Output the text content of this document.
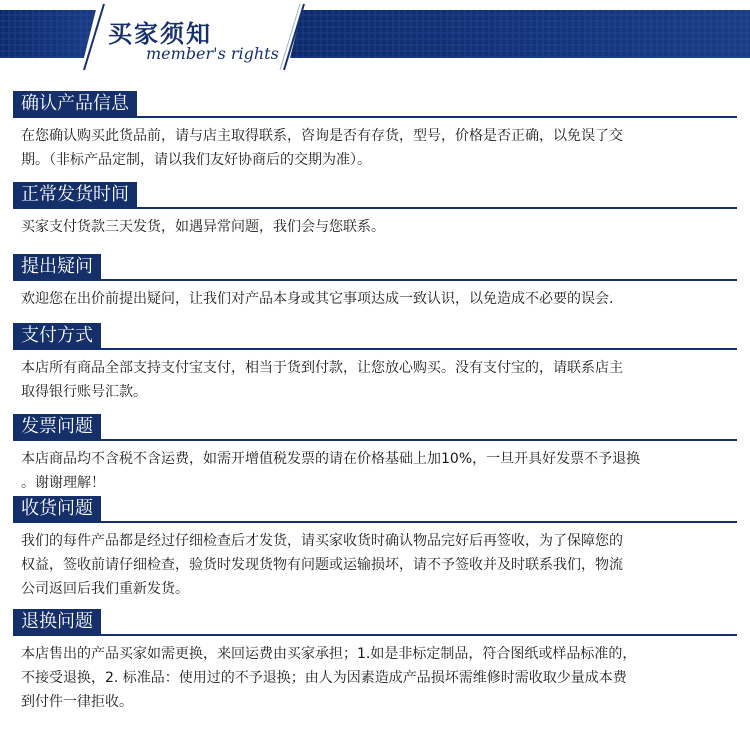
买家须知
member's rights
确认产品信息
在您确认购买此货品前，请与店主取得联系，咨询是否有存货，型号，价格是否正确，以免误了交
期。（非标产品定制，请以我们友好协商后的交期为准）。
正常发货时间
买家支付货款三天发货，如遇异常问题，我们会与您联系。
提出疑问
欢迎您在出价前提出疑问，让我们对产品本身或其它事项达成一致认识，以免造成不必要的误会.
支付方式
本店所有商品全部支持支付宝支付，相当于货到付款，让您放心购买。没有支付宝的，请联系店主
取得银行账号汇款。
发票问题
本店商品均不含税不含运费，如需开增值税发票的请在价格基础上加10%，一旦开具好发票不予退换
。谢谢理解！
收货问题
我们的每件产品都是经过仔细检查后才发货，请买家收货时确认物品完好后再签收，为了保障您的
权益，签收前请仔细检查，验货时发现货物有问题或运输损坏，请不予签收并及时联系我们，物流
公司返回后我们重新发货。
退换问题
本店售出的产品买家如需更换，来回运费由买家承担；1.如是非标定制品，符合图纸或样品标准的，
不接受退换，2. 标准品：使用过的不予退换；由人为因素造成产品损坏需维修时需收取少量成本费
到付件一律拒收。
